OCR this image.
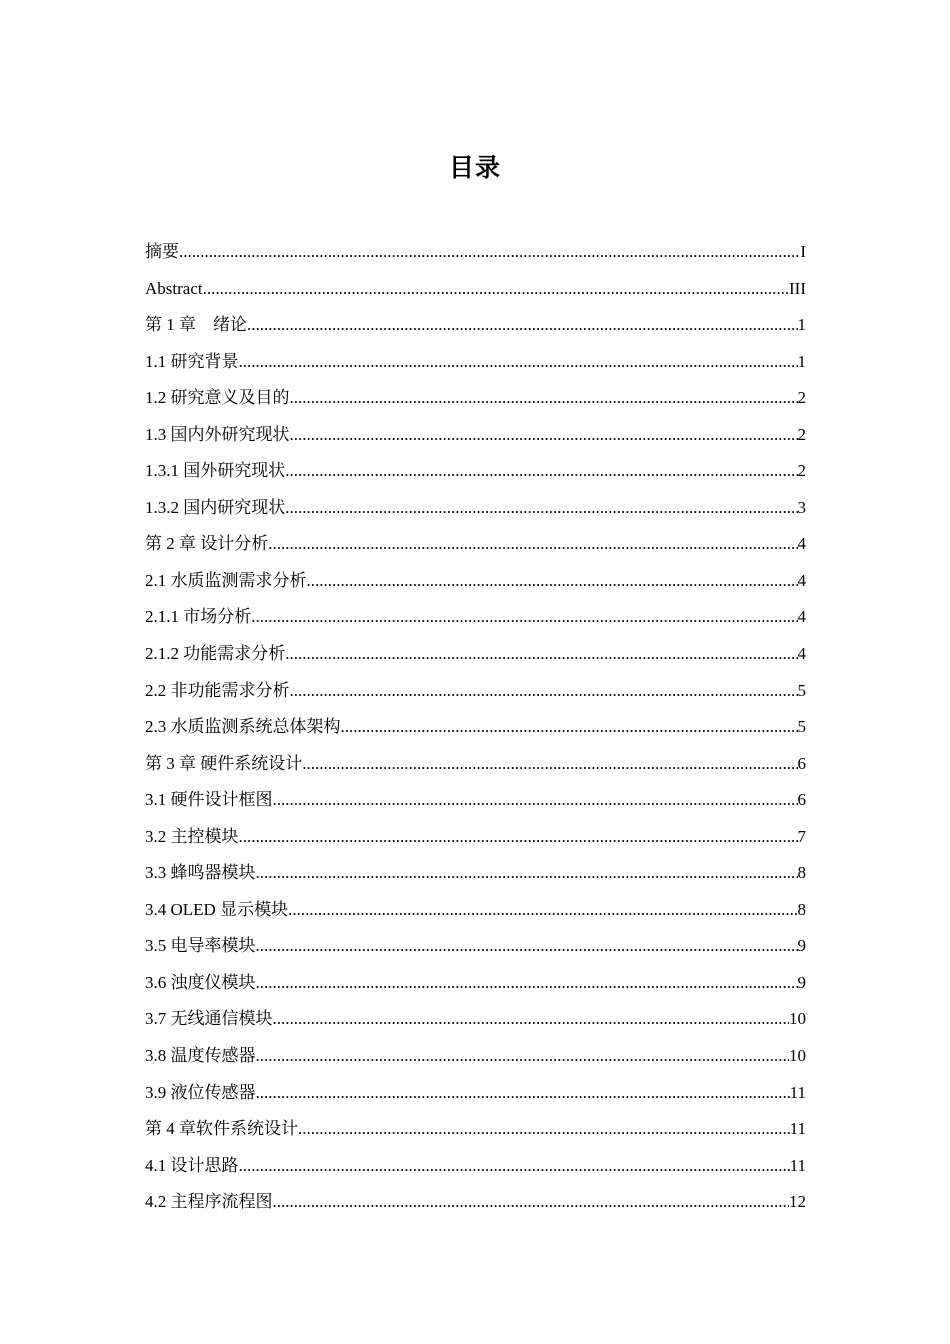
目录
摘要 .....	I
Abstract .....	III
第 1 章　绪论 .....	1
1.1 研究背景 .....	1
1.2 研究意义及目的 .....	2
1.3 国内外研究现状 .....	2
1.3.1 国外研究现状 .....	2
1.3.2 国内研究现状 .....	3
第 2 章 设计分析 .....	4
2.1 水质监测需求分析 .....	4
2.1.1 市场分析 .....	4
2.1.2 功能需求分析 .....	4
2.2 非功能需求分析 .....	5
2.3 水质监测系统总体架构 .....	5
第 3 章 硬件系统设计 .....	6
3.1 硬件设计框图 .....	6
3.2 主控模块 .....	7
3.3 蜂鸣器模块 .....	8
3.4 OLED 显示模块 .....	8
3.5 电导率模块 .....	9
3.6 浊度仪模块 .....	9
3.7 无线通信模块 .....	10
3.8 温度传感器 .....	10
3.9 液位传感器 .....	11
第 4 章软件系统设计 .....	11
4.1 设计思路 .....	11
4.2 主程序流程图 .....	12
